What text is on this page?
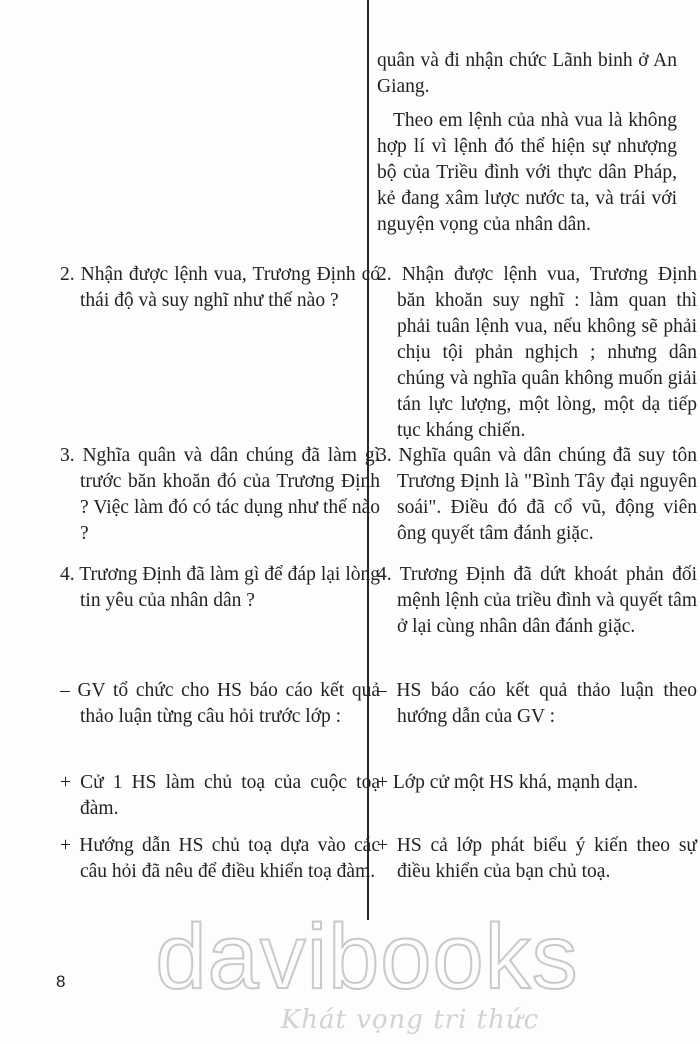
quân và đi nhận chức Lãnh binh ở An Giang.
Theo em lệnh của nhà vua là không hợp lí vì lệnh đó thể hiện sự nhượng bộ của Triều đình với thực dân Pháp, kẻ đang xâm lược nước ta, và trái với nguyện vọng của nhân dân.
2. Nhận được lệnh vua, Trương Định có thái độ và suy nghĩ như thế nào ?
2. Nhận được lệnh vua, Trương Định băn khoăn suy nghĩ : làm quan thì phải tuân lệnh vua, nếu không sẽ phải chịu tội phản nghịch ; nhưng dân chúng và nghĩa quân không muốn giải tán lực lượng, một lòng, một dạ tiếp tục kháng chiến.
3. Nghĩa quân và dân chúng đã làm gì trước băn khoăn đó của Trương Định ? Việc làm đó có tác dụng như thế nào ?
3. Nghĩa quân và dân chúng đã suy tôn Trương Định là "Bình Tây đại nguyên soái". Điều đó đã cổ vũ, động viên ông quyết tâm đánh giặc.
4. Trương Định đã làm gì để đáp lại lòng tin yêu của nhân dân ?
4. Trương Định đã dứt khoát phản đối mệnh lệnh của triều đình và quyết tâm ở lại cùng nhân dân đánh giặc.
– GV tổ chức cho HS báo cáo kết quả thảo luận từng câu hỏi trước lớp :
– HS báo cáo kết quả thảo luận theo hướng dẫn của GV :
+ Cử 1 HS làm chủ toạ của cuộc toạ đàm.
+ Lớp cử một HS khá, mạnh dạn.
+ Hướng dẫn HS chủ toạ dựa vào các câu hỏi đã nêu để điều khiển toạ đàm.
+ HS cả lớp phát biểu ý kiến theo sự điều khiển của bạn chủ toạ.
8 davibooks
Khát vọng tri thức
